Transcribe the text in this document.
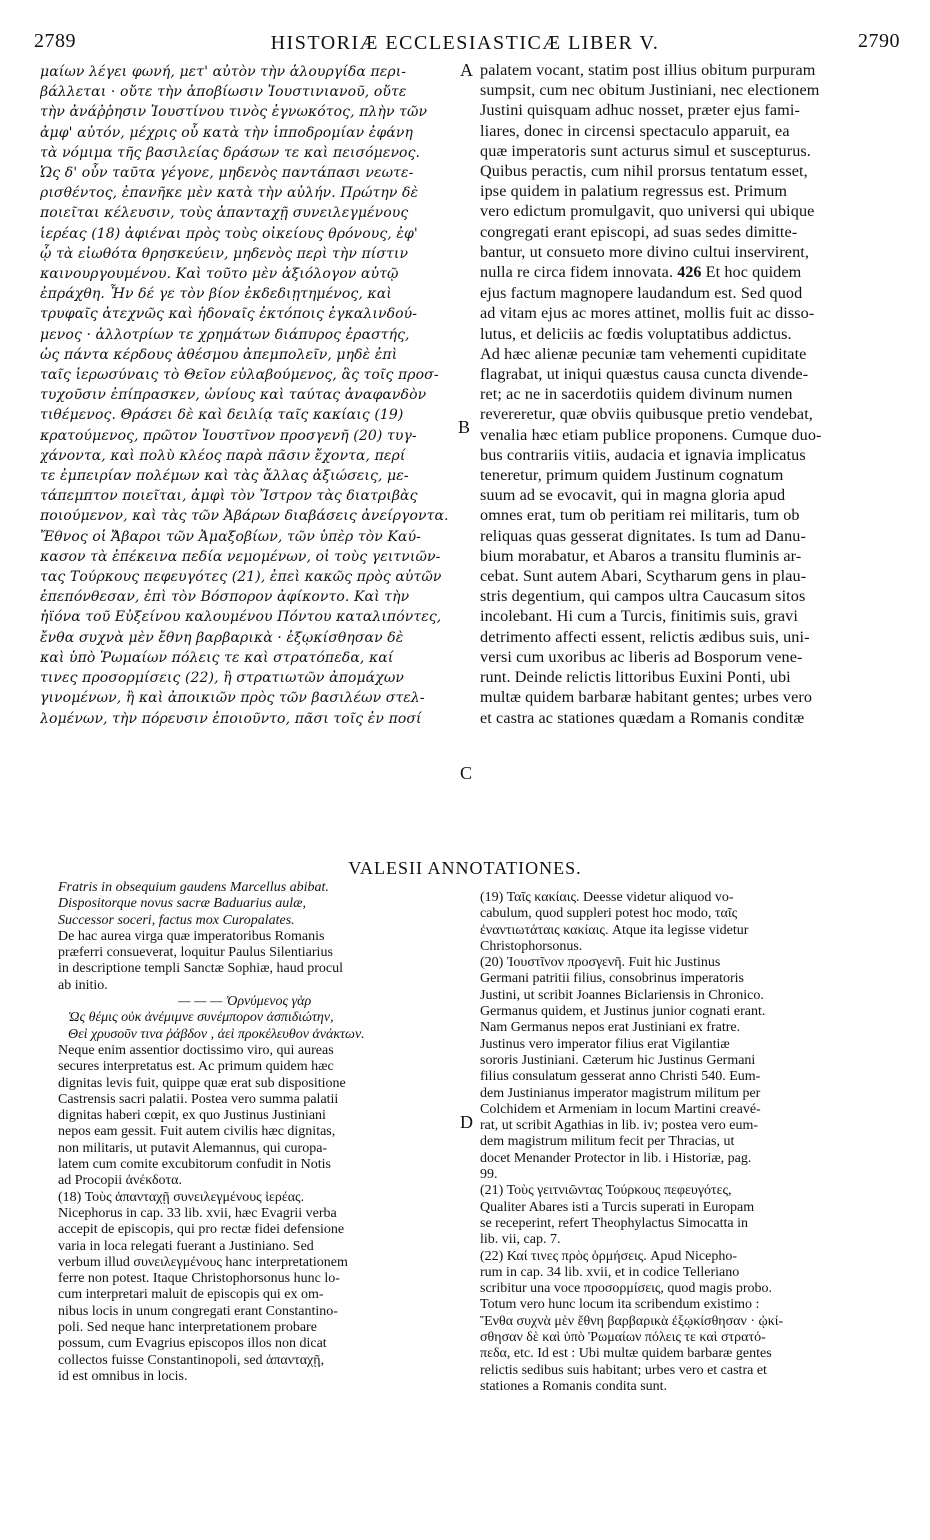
2789	HISTORIÆ ECCLESIASTICÆ LIBER V.	2790
μαίων λέγει φωνή, μετ' αὐτὸν τὴν ἁλουργίδα περι-
βάλλεται · οὔτε τὴν ἀποβίωσιν Ἰουστινιανοῦ, οὔτε
τὴν ἀνάῤῥησιν Ἰουστίνου τινὸς ἐγνωκότος, πλὴν τῶν
ἀμφ' αὐτόν, μέχρις οὗ κατὰ τὴν ἱπποδρομίαν ἐφάνη
τὰ νόμιμα τῆς βασιλείας δράσων τε καὶ πεισόμενος.
Ὡς δ' οὖν ταῦτα γέγονε, μηδενὸς παντάπασι νεωτε-
ρισθέντος, ἐπανῆκε μὲν κατὰ τὴν αὐλήν. Πρώτην δὲ
ποιεῖται κέλευσιν, τοὺς ἁπανταχῇ συνειλεγμένους
ἱερέας (18) ἀφιέναι πρὸς τοὺς οἰκείους θρόνους, ἐφ'
ᾧ τὰ εἰωθότα θρησκεύειν, μηδενὸς περὶ τὴν πίστιν
καινουργουμένου. Καὶ τοῦτο μὲν ἀξιόλογον αὐτῷ
ἐπράχθη. Ἦν δέ γε τὸν βίον ἐκδεδιῃτημένος, καὶ
τρυφαῖς ἀτεχνῶς καὶ ἡδοναῖς ἐκτόποις ἐγκαλινδού-
μενος · ἀλλοτρίων τε χρημάτων διάπυρος ἐραστής,
ὡς πάντα κέρδους ἀθέσμου ἀπεμπολεῖν, μηδὲ ἐπὶ
ταῖς ἱερωσύναις τὸ Θεῖον εὐλαβούμενος, ἃς τοῖς προσ-
τυχοῦσιν ἐπίπρασκεν, ὠνίους καὶ ταύτας ἀναφανδὸν
τιθέμενος. Θράσει δὲ καὶ δειλίᾳ ταῖς κακίαις (19)
κρατούμενος, πρῶτον Ἰουστῖνον προσγενῆ (20) τυγ-
χάνοντα, καὶ πολὺ κλέος παρὰ πᾶσιν ἔχοντα, περί
τε ἐμπειρίαν πολέμων καὶ τὰς ἄλλας ἀξιώσεις, με-
τάπεμπτον ποιεῖται, ἀμφὶ τὸν Ἴστρον τὰς διατριβὰς
ποιούμενον, καὶ τὰς τῶν Ἀβάρων διαβάσεις ἀνείργοντα.
Ἔθνος οἱ Ἄβαροι τῶν Ἀμαξοβίων, τῶν ὑπὲρ τὸν Καύ-
κασον τὰ ἐπέκεινα πεδία νεμομένων, οἱ τοὺς γειτνιῶν-
τας Τούρκους πεφευγότες (21), ἐπεὶ κακῶς πρὸς αὐτῶν
ἐπεπόνθεσαν, ἐπὶ τὸν Βόσπορον ἀφίκοντο. Καὶ τὴν
ἠϊόνα τοῦ Εὐξείνου καλουμένου Πόντου καταλιπόντες,
ἔνθα συχνὰ μὲν ἔθνη βαρβαρικὰ · ἐξῳκίσθησαν δὲ
καὶ ὑπὸ Ῥωμαίων πόλεις τε καὶ στρατόπεδα, καί
τινες προσορμίσεις (22), ἢ στρατιωτῶν ἀπομάχων
γινομένων, ἢ καὶ ἀποικιῶν πρὸς τῶν βασιλέων στελ-
λομένων, τὴν πόρευσιν ἐποιοῦντο, πᾶσι τοῖς ἐν ποσί
palatem vocant, statim post illius obitum purpuram
sumpsit, cum nec obitum Justiniani, nec electionem
Justini quisquam adhuc nosset, præter ejus fami-
liares, donec in circensi spectaculo apparuit, ea
quæ imperatoris sunt acturus simul et suscepturus.
Quibus peractis, cum nihil prorsus tentatum esset,
ipse quidem in palatium regressus est. Primum
vero edictum promulgavit, quo universi qui ubique
congregati erant episcopi, ad suas sedes dimitte-
bantur, ut consueto more divino cultui inservirent,
nulla re circa fidem innovata. 426 Et hoc quidem
ejus factum magnopere laudandum est. Sed quod
ad vitam ejus ac mores attinet, mollis fuit ac disso-
lutus, et deliciis ac fœdis voluptatibus addictus.
Ad hæc alienæ pecuniæ tam vehementi cupiditate
flagrabat, ut iniqui quæstus causa cuncta divende-
ret; ac ne in sacerdotiis quidem divinum numen
revereretur, quæ obviis quibusque pretio vendebat,
venalia hæc etiam publice proponens. Cumque duo-
bus contrariis vitiis, audacia et ignavia implicatus
teneretur, primum quidem Justinum cognatum
suum ad se evocavit, qui in magna gloria apud
omnes erat, tum ob peritiam rei militaris, tum ob
reliquas quas gesserat dignitates. Is tum ad Danu-
bium morabatur, et Abaros a transitu fluminis ar-
cebat. Sunt autem Abari, Scytharum gens in plau-
stris degentium, qui campos ultra Caucasum sitos
incolebant. Hi cum a Turcis, finitimis suis, gravi
detrimento affecti essent, relictis ædibus suis, uni-
versi cum uxoribus ac liberis ad Bosporum vene-
runt. Deinde relictis littoribus Euxini Ponti, ubi
multæ quidem barbaræ habitant gentes; urbes vero
et castra ac stationes quædam a Romanis conditæ
A
B
C
D
VALESII ANNOTATIONES.
Fratris in obsequium gaudens Marcellus abibat.
Dispositorque novus sacræ Baduarius aulæ,
Successor soceri, factus mox Curopalates.
De hac aurea virga quæ imperatoribus Romanis
præferri consueverat, loquitur Paulus Silentiarius
in descriptione templi Sanctæ Sophiæ, haud procul
ab initio.
— — — Ὀρνύμενος γὰρ
Ὡς θέμις οὐκ ἀνέμιμνε συνέμπορον ἀσπιδιώτην,
Θεὶ χρυσοῦν τινα ῥάβδον , ἀεὶ προκέλευθον ἀνάκτων.
Neque enim assentior doctissimo viro, qui aureas
secures interpretatus est. Ac primum quidem hæc
dignitas levis fuit, quippe quæ erat sub dispositione
Castrensis sacri palatii. Postea vero summa palatii
dignitas haberi cœpit, ex quo Justinus Justiniani
nepos eam gessit. Fuit autem civilis hæc dignitas,
non militaris, ut putavit Alemannus, qui curopa-
latem cum comite excubitorum confudit in Notis
ad Procopii ἀνέκδοτα.
(18) Τοὺς ἁπανταχῇ συνειλεγμένους ἱερέας.
Nicephorus in cap. 33 lib. xvii, hæc Evagrii verba
accepit de episcopis, qui pro rectæ fidei defensione
varia in loca relegati fuerant a Justiniano. Sed
verbum illud συνειλεγμένους hanc interpretationem
ferre non potest. Itaque Christophorsonus hunc lo-
cum interpretari maluit de episcopis qui ex om-
nibus locis in unum congregati erant Constantino-
poli. Sed neque hanc interpretationem probare
possum, cum Evagrius episcopos illos non dicat
collectos fuisse Constantinopoli, sed ἁπανταχῇ,
id est omnibus in locis.
(19) Ταῖς κακίαις. Deesse videtur aliquod vo-
cabulum, quod suppleri potest hoc modo, ταῖς
ἐναντιωτάταις κακίαις. Atque ita legisse videtur
Christophorsonus.
(20) Ἰουστῖνον προσγενῆ. Fuit hic Justinus
Germani patritii filius, consobrinus imperatoris
Justini, ut scribit Joannes Biclariensis in Chronico.
Germanus quidem, et Justinus junior cognati erant.
Nam Germanus nepos erat Justiniani ex fratre.
Justinus vero imperator filius erat Vigilantiæ
sororis Justiniani. Cæterum hic Justinus Germani
filius consulatum gesserat anno Christi 540. Eum-
dem Justinianus imperator magistrum militum per
Colchidem et Armeniam in locum Martini creavé-
rat, ut scribit Agathias in lib. iv; postea vero eum-
dem magistrum militum fecit per Thracias, ut
docet Menander Protector in lib. i Historiæ, pag.
99.
(21) Τοὺς γειτνιῶντας Τούρκους πεφευγότες,
Qualiter Abares isti a Turcis superati in Europam
se receperint, refert Theophylactus Simocatta in
lib. vii, cap. 7.
(22) Καί τινες πρὸς ὁρμήσεις. Apud Nicepho-
rum in cap. 34 lib. xvii, et in codice Telleriano
scribitur una voce προσορμίσεις, quod magis probo.
Totum vero hunc locum ita scribendum existimo :
Ἔνθα συχνὰ μὲν ἔθνη βαρβαρικὰ ἐξῳκίσθησαν · ᾠκί-
σθησαν δὲ καὶ ὑπὸ Ῥωμαίων πόλεις τε καὶ στρατό-
πεδα, etc. Id est : Ubi multæ quidem barbaræ gentes
relictis sedibus suis habitant; urbes vero et castra et
stationes a Romanis condita sunt.
